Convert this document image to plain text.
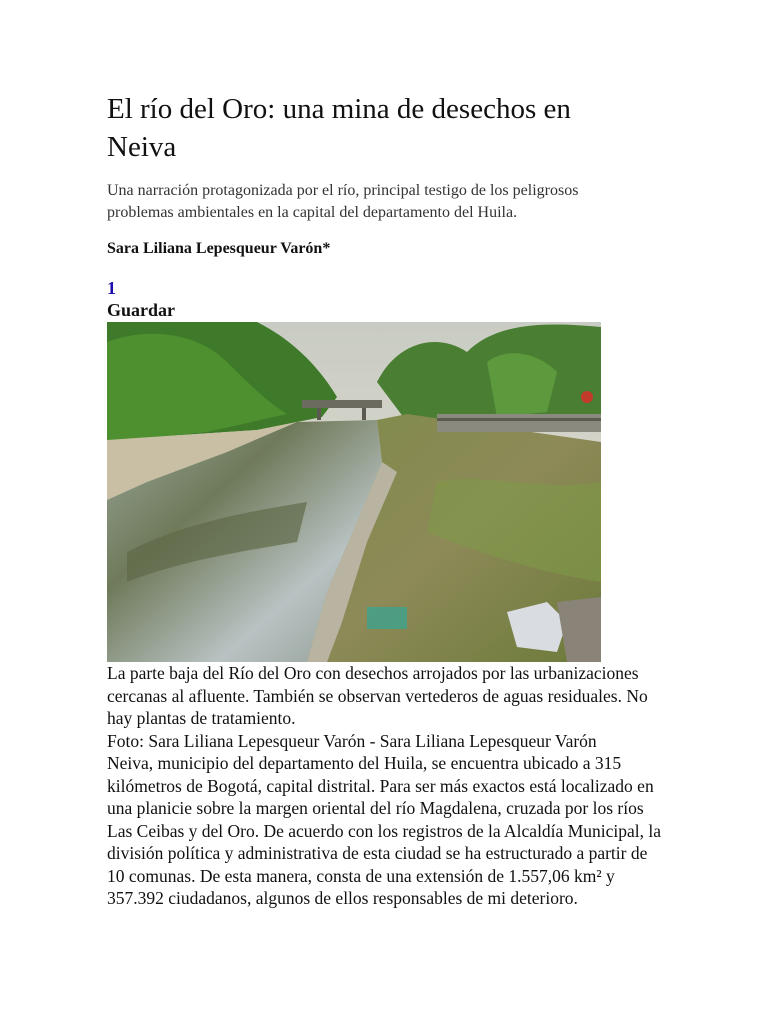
El río del Oro: una mina de desechos en Neiva

Una narración protagonizada por el río, principal testigo de los peligrosos problemas ambientales en la capital del departamento del Huila.

Sara Liliana Lepesqueur Varón*

1
Guardar

La parte baja del Río del Oro con desechos arrojados por las urbanizaciones cercanas al afluente. También se observan vertederos de aguas residuales. No hay plantas de tratamiento.
Foto: Sara Liliana Lepesqueur Varón - Sara Liliana Lepesqueur Varón
Neiva, municipio del departamento del Huila, se encuentra ubicado a 315 kilómetros de Bogotá, capital distrital. Para ser más exactos está localizado en una planicie sobre la margen oriental del río Magdalena, cruzada por los ríos Las Ceibas y del Oro. De acuerdo con los registros de la Alcaldía Municipal, la división política y administrativa de esta ciudad se ha estructurado a partir de 10 comunas. De esta manera, consta de una extensión de 1.557,06 km² y 357.392 ciudadanos, algunos de ellos responsables de mi deterioro.
